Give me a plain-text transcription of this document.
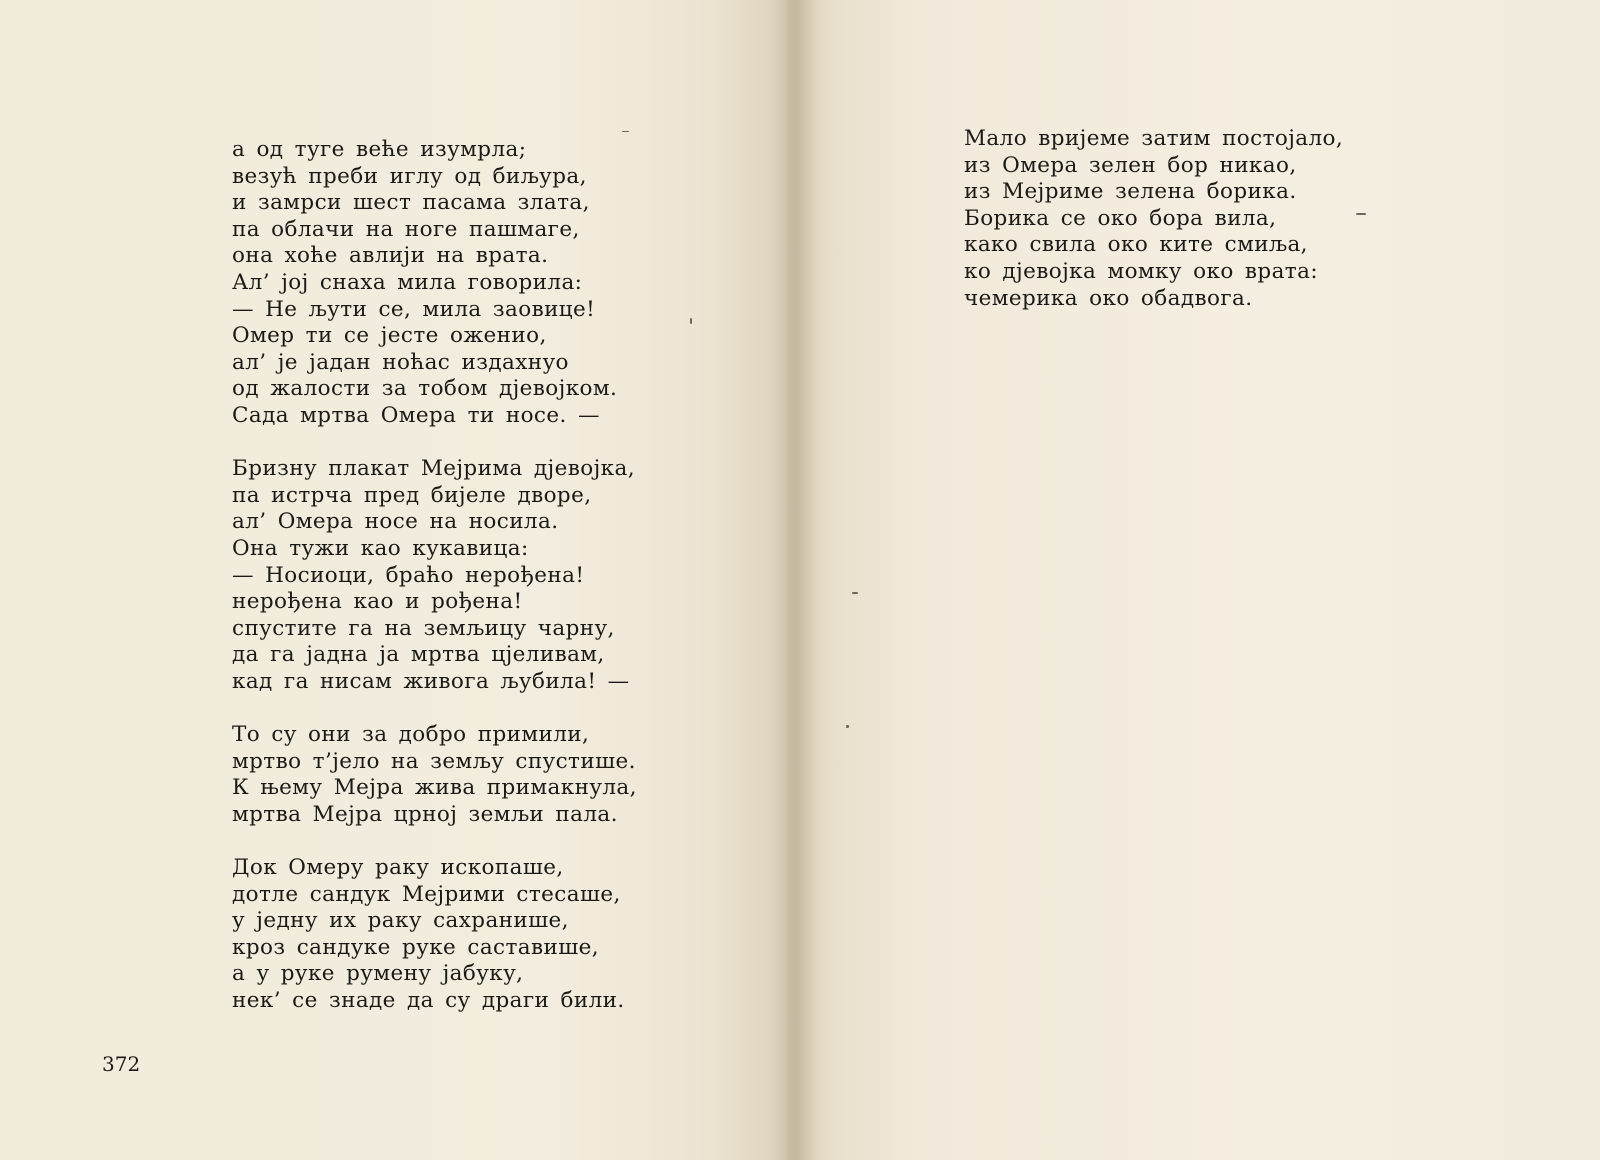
а од туге веће изумрла;
везућ преби иглу од биљура,
и замрси шест пасама злата,
па облачи на ноге пашмаге,
она хоће авлији на врата.
Ал’ јој снаха мила говорила:
— Не љути се, мила заовице!
Омер ти се јесте оженио,
ал’ је јадан ноћас издахнуо
од жалости за тобом дјевојком.
Сада мртва Омера ти носе. —
Бризну плакат Мејрима дјевојка,
па истрча пред бијеле дворе,
ал’ Омера носе на носила.
Она тужи као кукавица:
— Носиоци, браћо нерођена!
нерођена као и рођена!
спустите га на земљицу чарну,
да га јадна ја мртва цјеливам,
кад га нисам живога љубила! —
То су они за добро примили,
мртво т’јело на земљу спустише.
К њему Мејра жива примакнула,
мртва Мејра црној земљи пала.
Док Омеру раку ископаше,
дотле сандук Мејрими стесаше,
у једну их раку сахранише,
кроз сандуке руке саставише,
а у руке румену јабуку,
нек’ се знаде да су драги били.
372
Мало вријеме затим постојало,
из Омера зелен бор никао,
из Мејриме зелена борика.
Борика се око бора вила,
како свила око ките смиља,
ко дјевојка момку око врата:
чемерика око обадвога.
